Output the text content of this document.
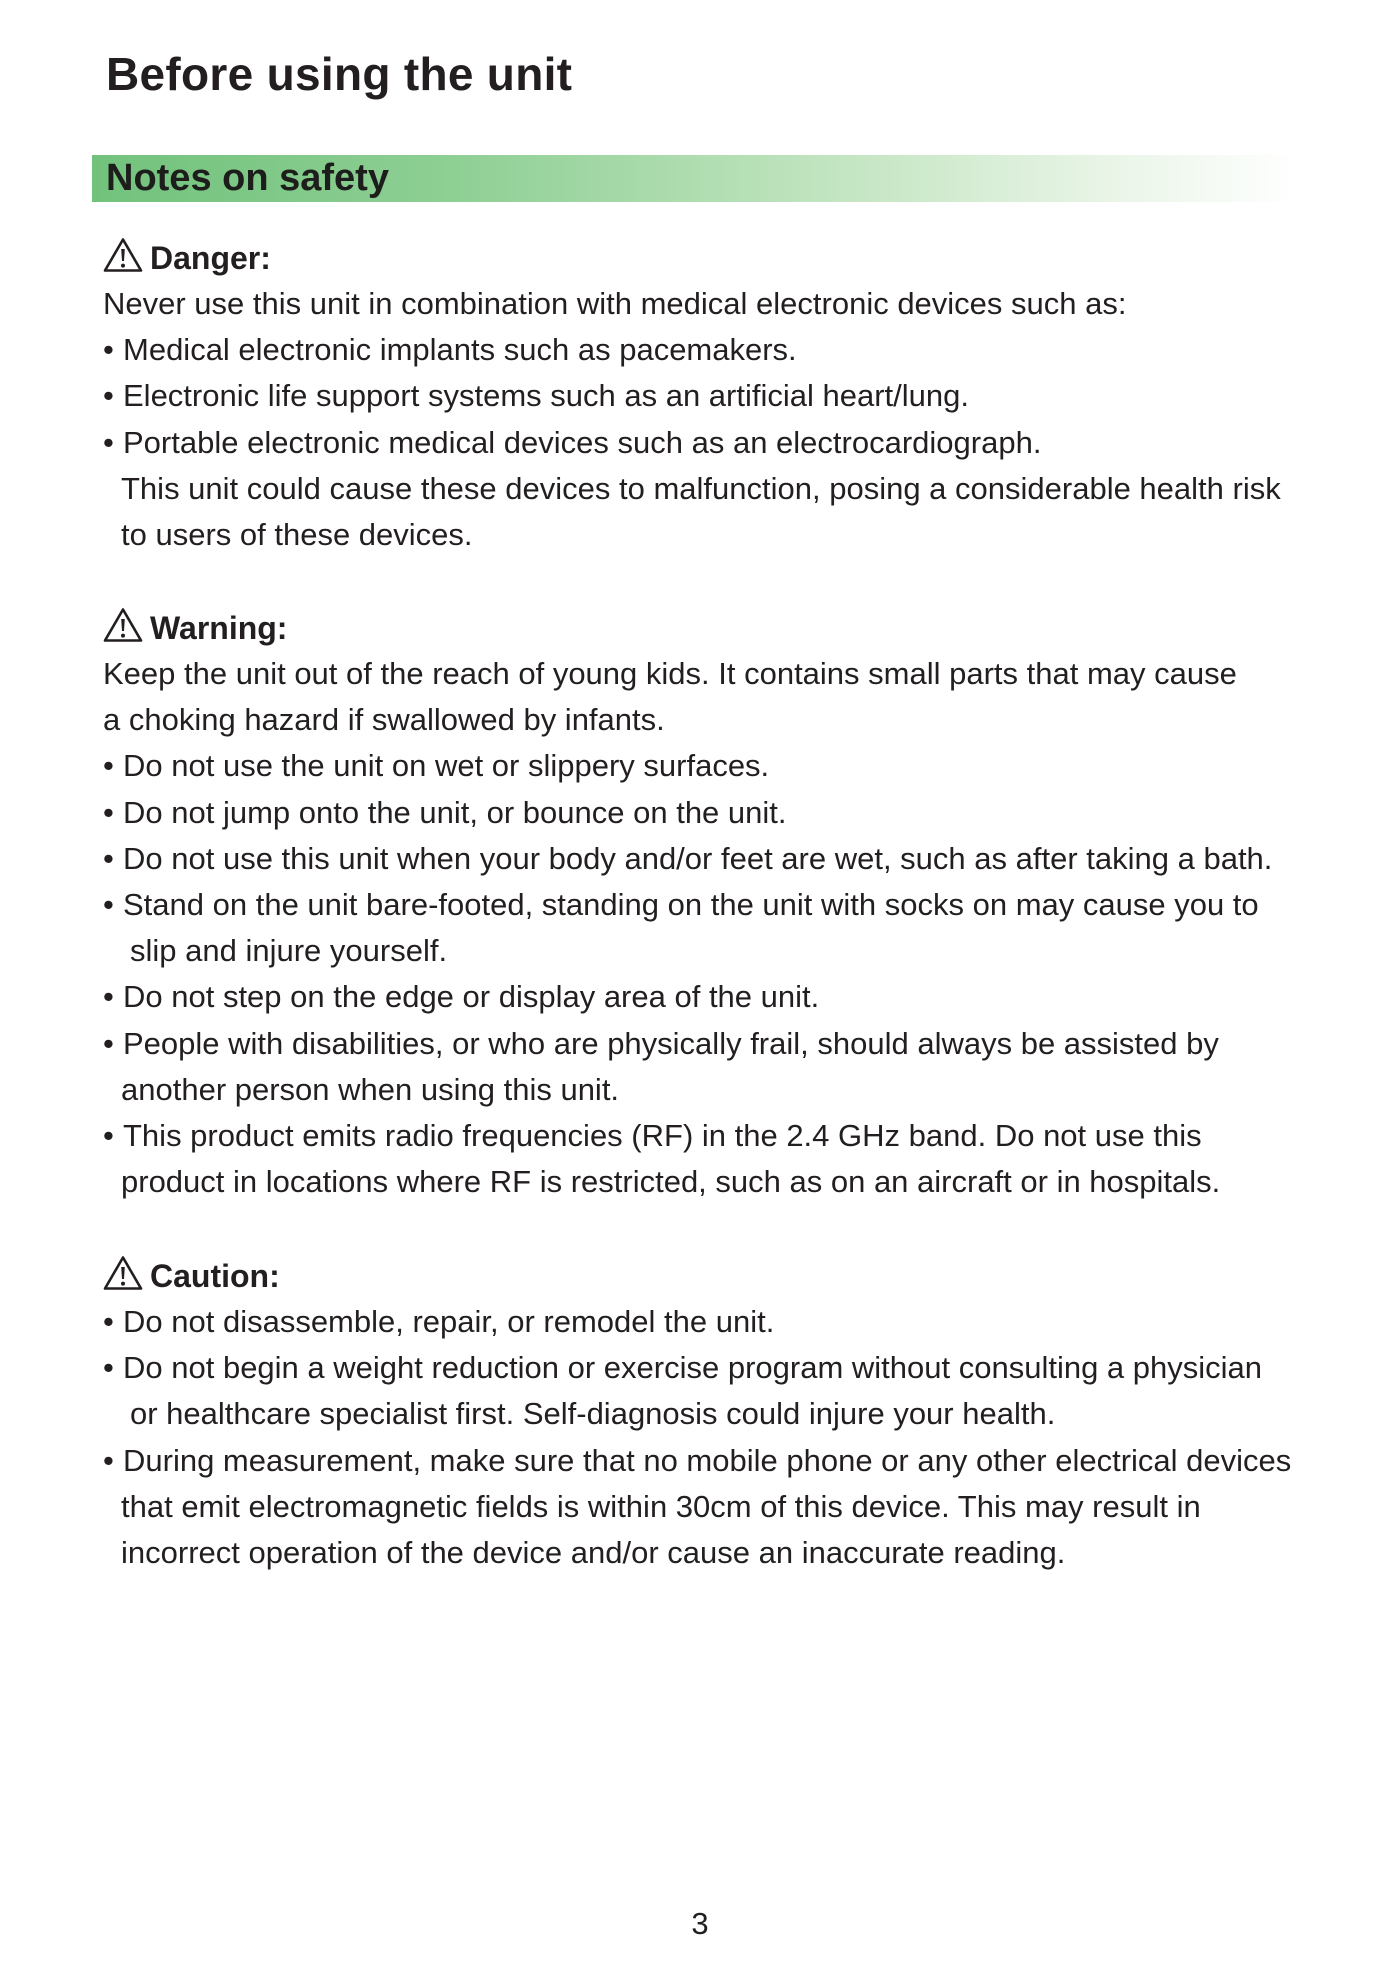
Before using the unit
Notes on safety
Danger:
Never use this unit in combination with medical electronic devices such as:
• Medical electronic implants such as pacemakers.
• Electronic life support systems such as an artificial heart/lung.
• Portable electronic medical devices such as an electrocardiograph.
This unit could cause these devices to malfunction, posing a considerable health risk
to users of these devices.
Warning:
Keep the unit out of the reach of young kids. It contains small parts that may cause
a choking hazard if swallowed by infants.
• Do not use the unit on wet or slippery surfaces.
• Do not jump onto the unit, or bounce on the unit.
• Do not use this unit when your body and/or feet are wet, such as after taking a bath.
• Stand on the unit bare-footed, standing on the unit with socks on may cause you to
slip and injure yourself.
• Do not step on the edge or display area of the unit.
• People with disabilities, or who are physically frail, should always be assisted by
another person when using this unit.
• This product emits radio frequencies (RF) in the 2.4 GHz band. Do not use this
product in locations where RF is restricted, such as on an aircraft or in hospitals.
Caution:
• Do not disassemble, repair, or remodel the unit.
• Do not begin a weight reduction or exercise program without consulting a physician
or healthcare specialist first. Self-diagnosis could injure your health.
• During measurement, make sure that no mobile phone or any other electrical devices
that emit electromagnetic fields is within 30cm of this device. This may result in
incorrect operation of the device and/or cause an inaccurate reading.
3
